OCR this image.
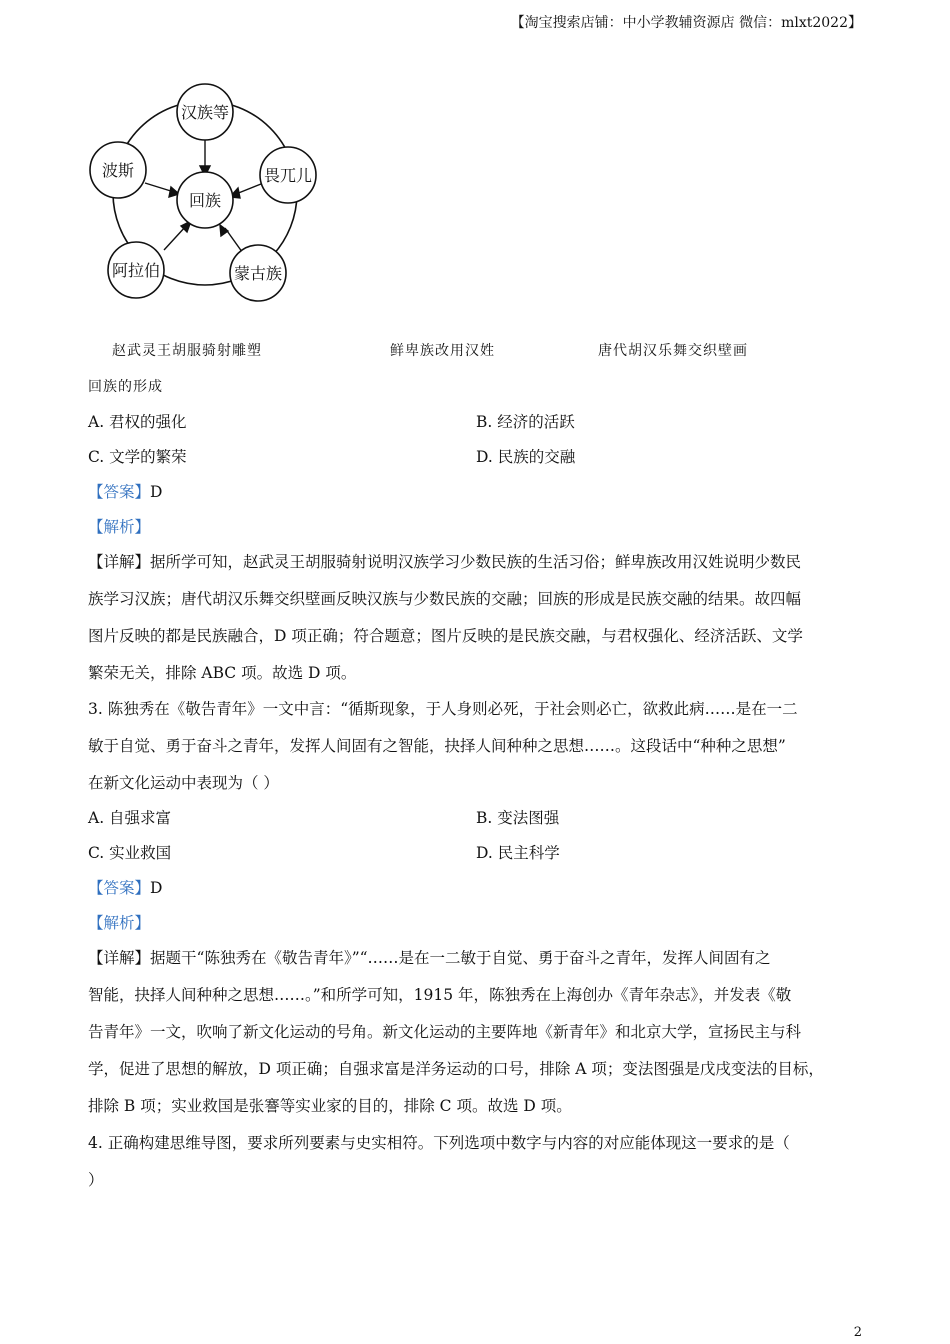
【淘宝搜索店铺：中小学教辅资源店 微信：mlxt2022】
回族
汉族等
畏兀儿
蒙古族
阿拉伯
波斯
赵武灵王胡服骑射雕塑	鲜卑族改用汉姓	唐代胡汉乐舞交织壁画
回族的形成
A. 君权的强化	B. 经济的活跃
C. 文学的繁荣	D. 民族的交融
【答案】D
【解析】
【详解】据所学可知，赵武灵王胡服骑射说明汉族学习少数民族的生活习俗；鲜卑族改用汉姓说明少数民
族学习汉族；唐代胡汉乐舞交织壁画反映汉族与少数民族的交融；回族的形成是民族交融的结果。故四幅
图片反映的都是民族融合，D 项正确；符合题意；图片反映的是民族交融，与君权强化、经济活跃、文学
繁荣无关，排除 ABC 项。故选 D 项。
3. 陈独秀在《敬告青年》一文中言：“循斯现象，于人身则必死，于社会则必亡，欲救此病……是在一二
敏于自觉、勇于奋斗之青年，发挥人间固有之智能，抉择人间种种之思想……。这段话中“种种之思想”
在新文化运动中表现为（ ）
A. 自强求富	B. 变法图强
C. 实业救国	D. 民主科学
【答案】D
【解析】
【详解】据题干“陈独秀在《敬告青年》”“……是在一二敏于自觉、勇于奋斗之青年，发挥人间固有之
智能，抉择人间种种之思想……。”和所学可知，1915 年，陈独秀在上海创办《青年杂志》，并发表《敬
告青年》一文，吹响了新文化运动的号角。新文化运动的主要阵地《新青年》和北京大学，宣扬民主与科
学，促进了思想的解放，D 项正确；自强求富是洋务运动的口号，排除 A 项；变法图强是戊戌变法的目标，
排除 B 项；实业救国是张謇等实业家的目的，排除 C 项。故选 D 项。
4. 正确构建思维导图，要求所列要素与史实相符。下列选项中数字与内容的对应能体现这一要求的是（
）
2
